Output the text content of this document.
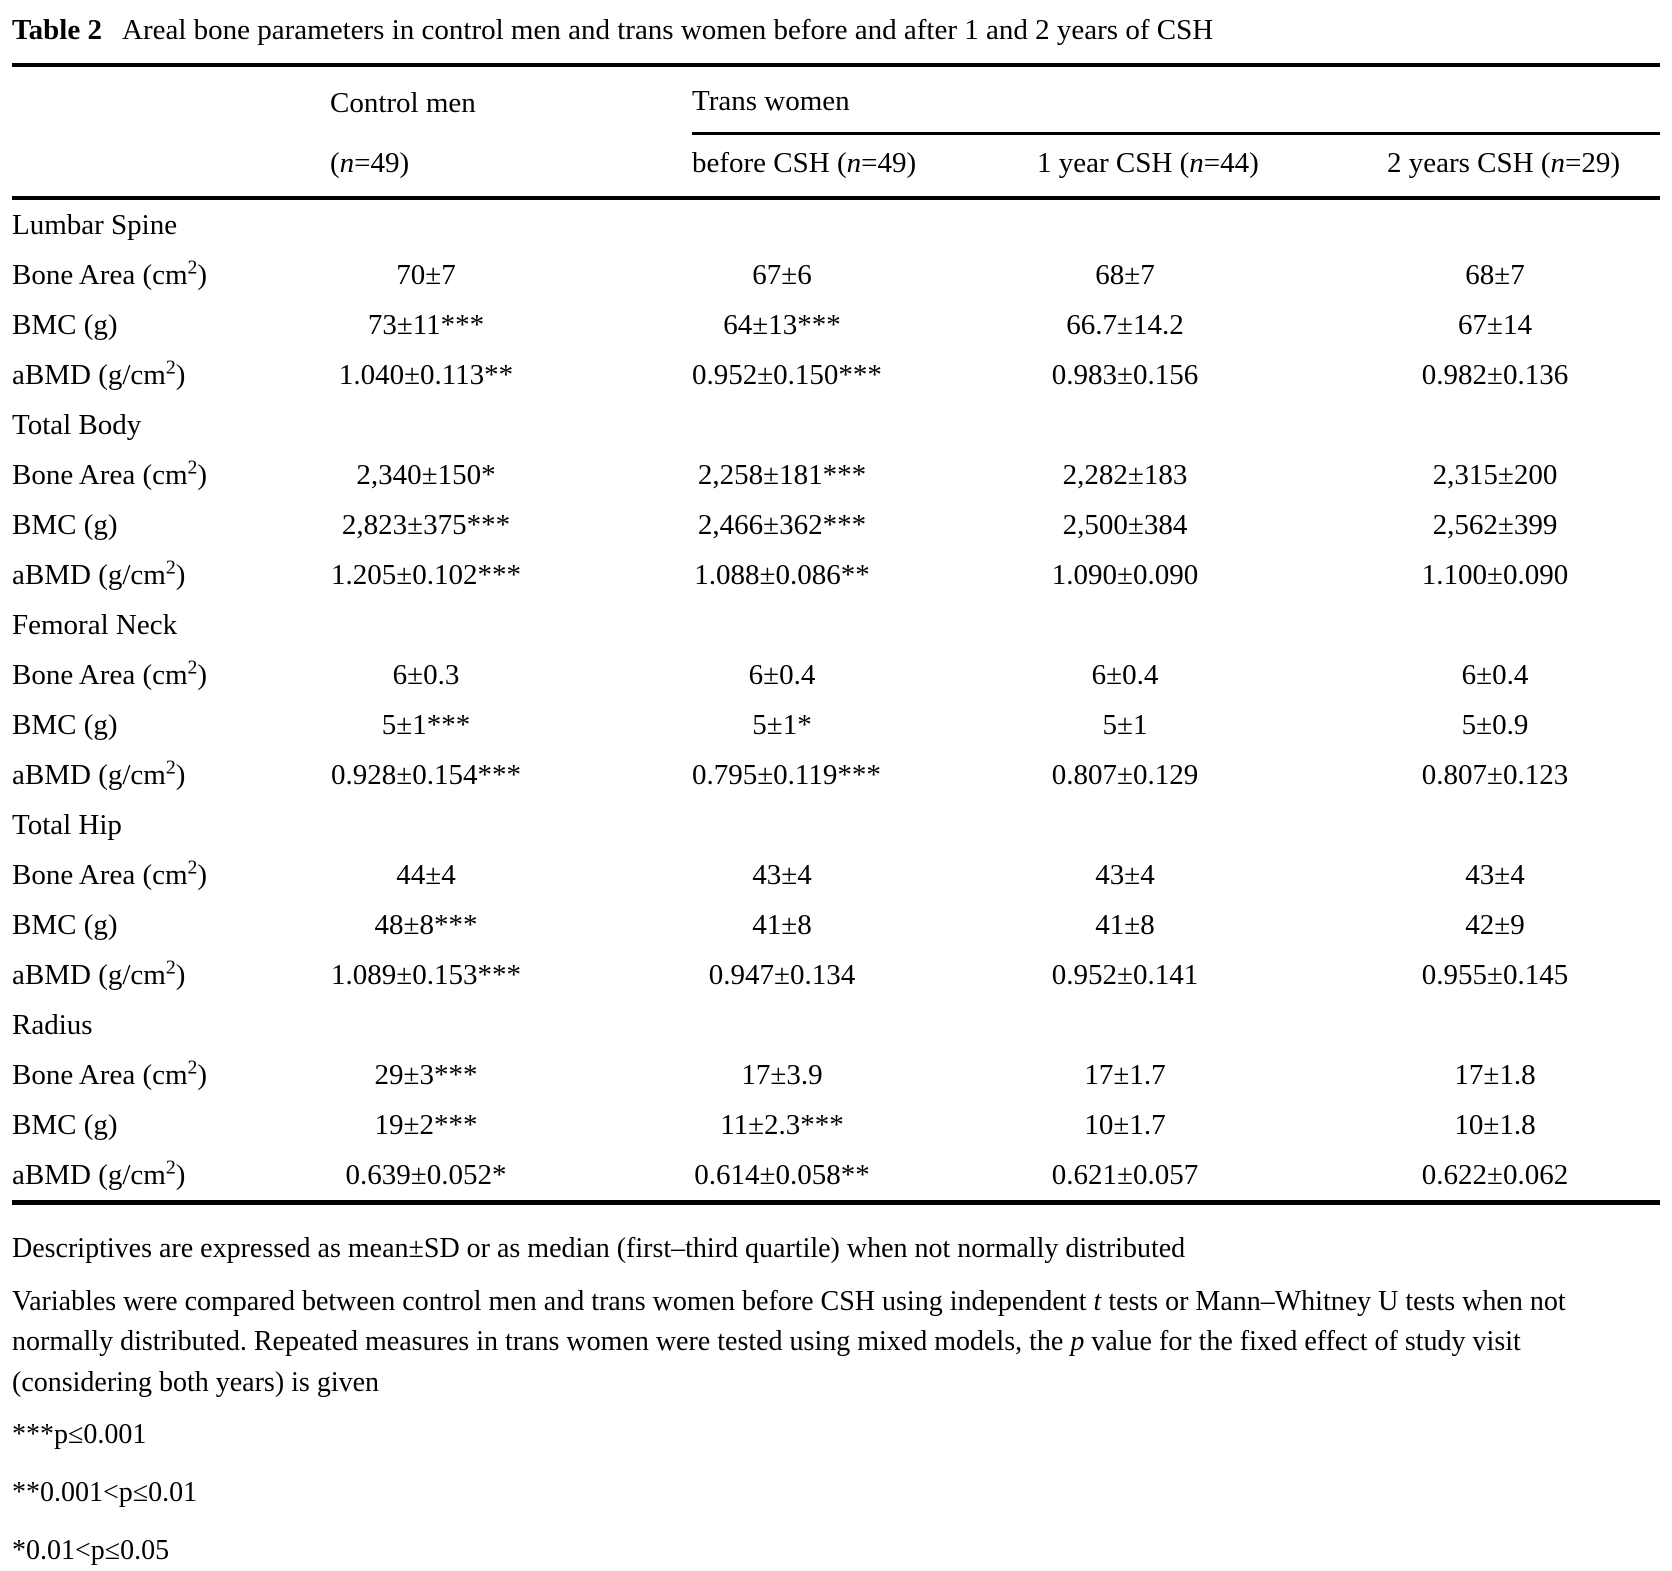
Table 2 Areal bone parameters in control men and trans women before and after 1 and 2 years of CSH
	Control men	Trans women		
	(n=49)	before CSH (n=49)	1 year CSH (n=44)	2 years CSH (n=29)
Lumbar Spine				
Bone Area $(cm^2)$	70±7	67±6	68±7	68±7
BMC (g)	73±11***	64±13***	66.7±14.2	67±14
aBMD $(g/cm^2)$	1.040±0.113**	0.952±0.150***	0.983±0.156	0.982±0.136
Total Body				
Bone Area $(cm^2)$	2,340±150*	2,258±181***	2,282±183	2,315±200
BMC (g)	2,823±375***	2,466±362***	2,500±384	2,562±399
aBMD $(g/cm^2)$	1.205±0.102***	1.088±0.086**	1.090±0.090	1.100±0.090
Femoral Neck				
Bone Area $(cm^2)$	6±0.3	6±0.4	6±0.4	6±0.4
BMC (g)	5±1***	5±1*	5±1	5±0.9
aBMD $(g/cm^2)$	0.928±0.154***	0.795±0.119***	0.807±0.129	0.807±0.123
Total Hip				
Bone Area $(cm^2)$	44±4	43±4	43±4	43±4
BMC (g)	48±8***	41±8	41±8	42±9
aBMD $(g/cm^2)$	1.089±0.153***	0.947±0.134	0.952±0.141	0.955±0.145
Radius				
Bone Area $(cm^2)$	29±3***	17±3.9	17±1.7	17±1.8
BMC (g)	19±2***	11±2.3***	10±1.7	10±1.8
aBMD $(g/cm^2)$	0.639±0.052*	0.614±0.058**	0.621±0.057	0.622±0.062

Descriptives are expressed as mean±SD or as median (first–third quartile) when not normally distributed

Variables were compared between control men and trans women before CSH using independent t tests or Mann–Whitney U tests when not normally distributed. Repeated measures in trans women were tested using mixed models, the p value for the fixed effect of study visit (considering both years) is given

***p≤0.001

**0.001<p≤0.01

*0.01<p≤0.05
